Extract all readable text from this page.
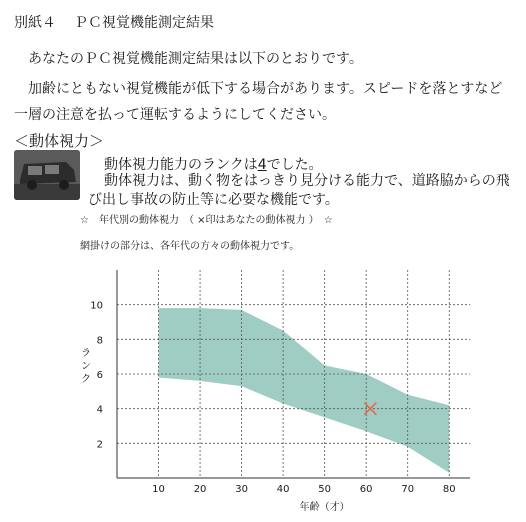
別紙４ ＰＣ視覚機能測定結果
あなたのＰＣ視覚機能測定結果は以下のとおりです。
加齢にともない視覚機能が低下する場合があります。スピードを落とすなど一層の注意を払って運転するようにしてください。
＜動体視力＞
動体視力能力のランクは4でした。
動体視力は、動く物をはっきり見分ける能力で、道路脇からの飛び出し事故の防止等に必要な機能です。
☆　年代別の動体視力　（ ×印はあなたの動体視力 ）　☆
網掛けの部分は、各年代の方々の動体視力です。
10	20	30	40	50	60	70	80
2
4
6
8
10
年齢（才）
ランク
